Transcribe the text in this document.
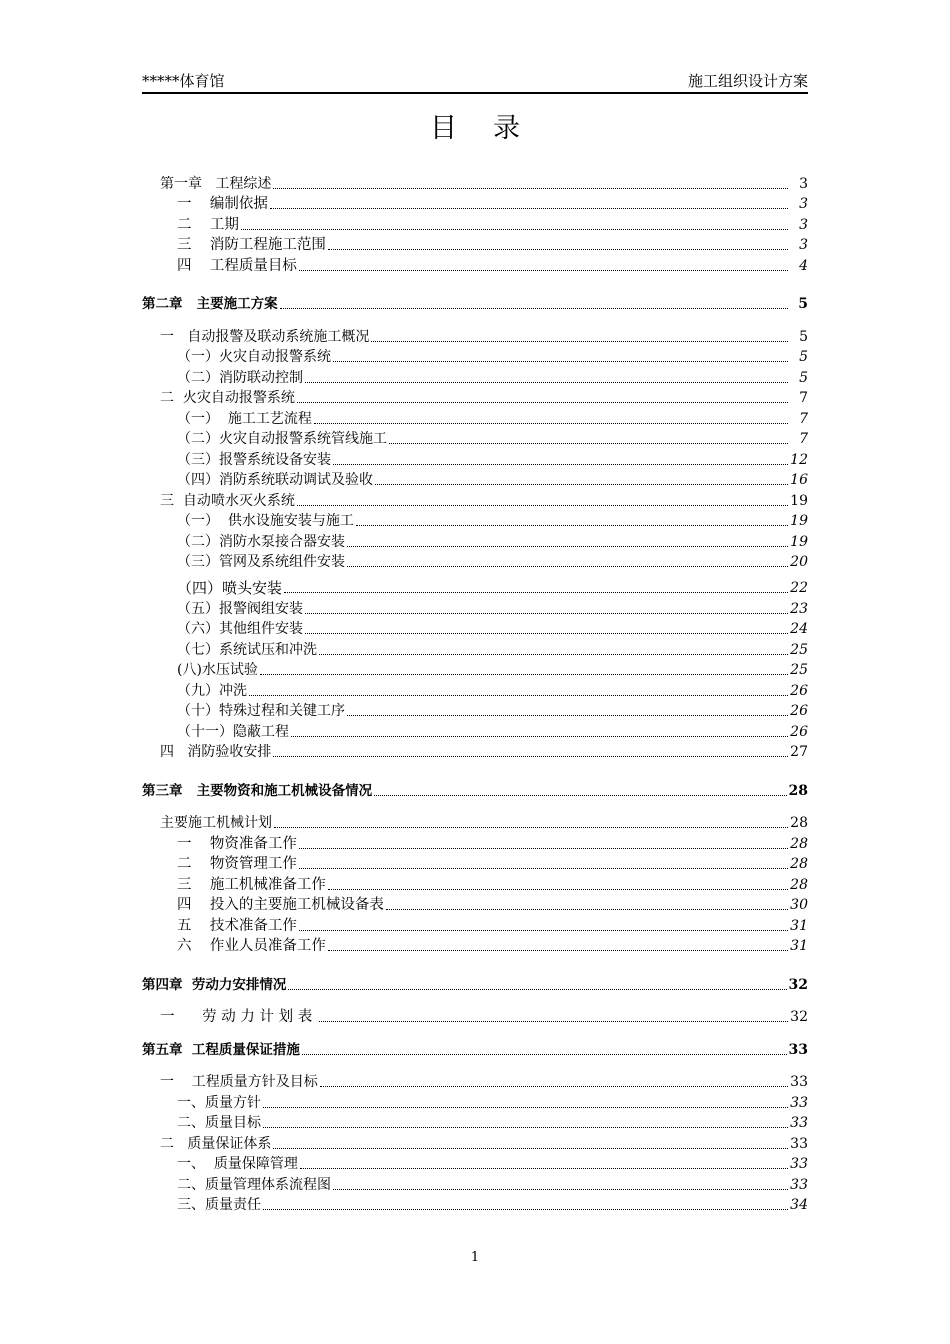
*****体育馆	施工组织设计方案
目录
第一章   工程综述	3
一    编制依据	3
二    工期	3
三    消防工程施工范围	3
四    工程质量目标	4
第二章   主要施工方案	5
一   自动报警及联动系统施工概况	5
（一）火灾自动报警系统	5
（二）消防联动控制	5
二  火灾自动报警系统	7
（一）  施工工艺流程	7
（二）火灾自动报警系统管线施工	7
（三）报警系统设备安装	12
（四）消防系统联动调试及验收	16
三  自动喷水灭火系统	19
（一）  供水设施安装与施工	19
（二）消防水泵接合器安装	19
（三）管网及系统组件安装	20
（四）喷头安装	22
（五）报警阀组安装	23
（六）其他组件安装	24
（七）系统试压和冲洗	25
(八)水压试验	25
（九）冲洗	26
（十）特殊过程和关键工序	26
（十一）隐蔽工程	26
四   消防验收安排	27
第三章   主要物资和施工机械设备情况	28
主要施工机械计划	28
一    物资准备工作	28
二    物资管理工作	28
三    施工机械准备工作	28
四    投入的主要施工机械设备表	30
五    技术准备工作	31
六    作业人员准备工作	31
第四章  劳动力安排情况	32
一      劳 动 力 计 划 表	32
第五章  工程质量保证措施	33
一    工程质量方针及目标	33
一、质量方针	33
二、质量目标	33
二   质量保证体系	33
一、  质量保障管理	33
二、质量管理体系流程图	33
三、质量责任	34
1
